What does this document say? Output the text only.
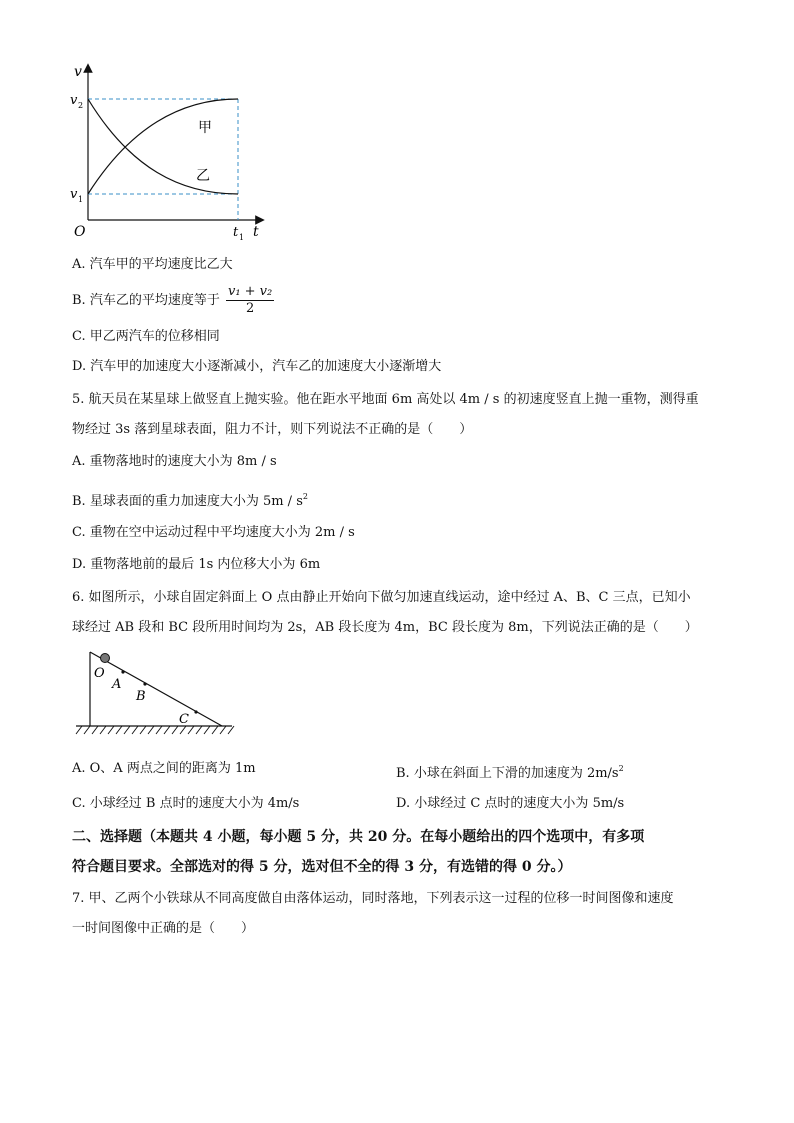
v
t
O
v 2
v 1
t 1
甲
乙
A. 汽车甲的平均速度比乙大
B. 汽车乙的平均速度等于 $\frac{\text{v₁ + v₂}}{2}$
C. 甲乙两汽车的位移相同
D. 汽车甲的加速度大小逐渐减小，汽车乙的加速度大小逐渐增大
5. 航天员在某星球上做竖直上抛实验。他在距水平地面 6m 高处以 4m / s 的初速度竖直上抛一重物，测得重
物经过 3s 落到星球表面，阻力不计，则下列说法不正确的是（　　）
A. 重物落地时的速度大小为 8m / s
B. 星球表面的重力加速度大小为 $5m / s^2$
C. 重物在空中运动过程中平均速度大小为 2m / s
D. 重物落地前的最后 1s 内位移大小为 6m
6. 如图所示，小球自固定斜面上 O 点由静止开始向下做匀加速直线运动，途中经过 A、B、C 三点，已知小
球经过 AB 段和 BC 段所用时间均为 2s，AB 段长度为 4m，BC 段长度为 8m，下列说法正确的是（　　）
O
A
B
C
A. O、A 两点之间的距离为 1m	B. 小球在斜面上下滑的加速度为 $2m/s^2$
C. 小球经过 B 点时的速度大小为 4m/s	D. 小球经过 C 点时的速度大小为 5m/s
二、选择题（本题共 4 小题，每小题 5 分，共 20 分。在每小题给出的四个选项中，有多项
符合题目要求。全部选对的得 5 分，选对但不全的得 3 分，有选错的得 0 分。）
7. 甲、乙两个小铁球从不同高度做自由落体运动，同时落地，下列表示这一过程的位移一时间图像和速度
一时间图像中正确的是（　　）
